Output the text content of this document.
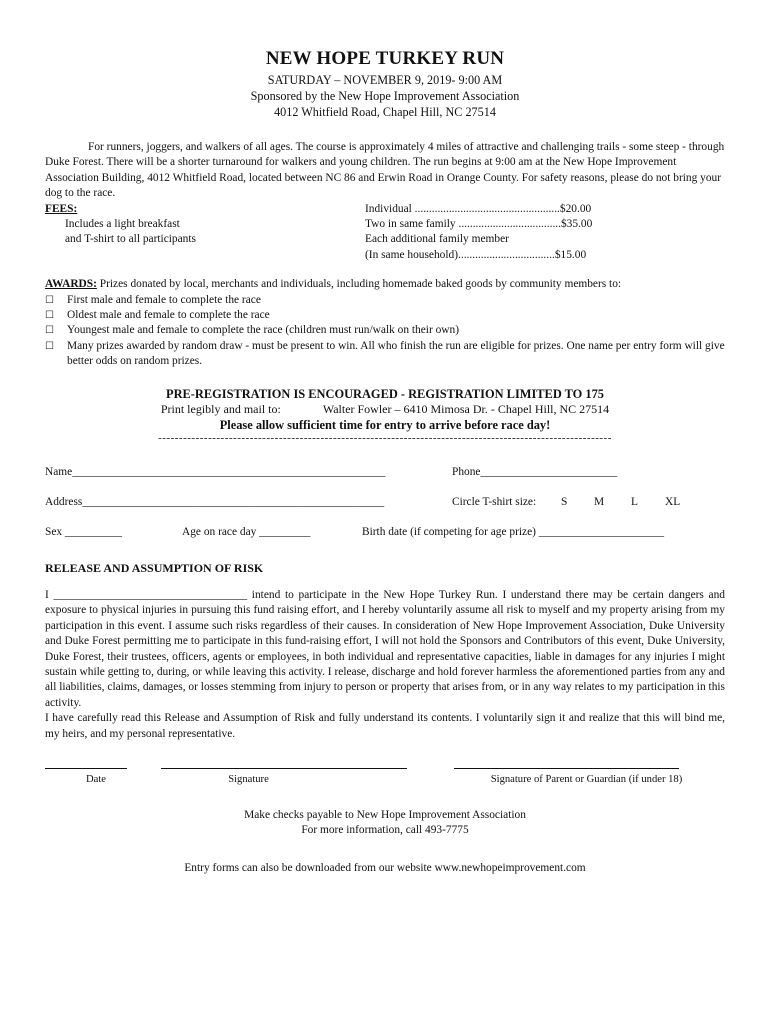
NEW HOPE TURKEY RUN
SATURDAY – NOVEMBER 9, 2019- 9:00 AM
Sponsored by the New Hope Improvement Association
4012 Whitfield Road, Chapel Hill, NC 27514
For runners, joggers, and walkers of all ages. The course is approximately 4 miles of attractive and challenging trails - some steep - through Duke Forest. There will be a shorter turnaround for walkers and young children. The run begins at 9:00 am at the New Hope Improvement Association Building, 4012 Whitfield Road, located between NC 86 and Erwin Road in Orange County. For safety reasons, please do not bring your dog to the race.
FEES:
Includes a light breakfast
and T-shirt to all participants
Individual ...................................................$20.00
Two in same family ....................................$35.00
Each additional family member
(In same household)..................................$15.00
AWARDS: Prizes donated by local, merchants and individuals, including homemade baked goods by community members to:
☐	First male and female to complete the race
☐	Oldest male and female to complete the race
☐	Youngest male and female to complete the race (children must run/walk on their own)
☐	Many prizes awarded by random draw - must be present to win. All who finish the run are eligible for prizes. One name per entry form will give better odds on random prizes.
PRE-REGISTRATION IS ENCOURAGED - REGISTRATION LIMITED TO 175
Print legibly and mail to:	Walter Fowler – 6410 Mimosa Dr. - Chapel Hill, NC 27514
Please allow sufficient time for entry to arrive before race day!
-------------------------------------------------------------------------------------------------------------
Name_______________________________________________________	Phone________________________
Address_____________________________________________________	Circle T-shirt size: S M L XL
Sex __________	Age on race day _________	Birth date (if competing for age prize) ______________________
RELEASE AND ASSUMPTION OF RISK
I __________________________________ intend to participate in the New Hope Turkey Run. I understand there may be certain dangers and exposure to physical injuries in pursuing this fund raising effort, and I hereby voluntarily assume all risk to myself and my property arising from my participation in this event. I assume such risks regardless of their causes. In consideration of New Hope Improvement Association, Duke University and Duke Forest permitting me to participate in this fund-raising effort, I will not hold the Sponsors and Contributors of this event, Duke University, Duke Forest, their trustees, officers, agents or employees, in both individual and representative capacities, liable in damages for any injuries I might sustain while getting to, during, or while leaving this activity. I release, discharge and hold forever harmless the aforementioned parties from any and all liabilities, claims, damages, or losses stemming from injury to person or property that arises from, or in any way relates to my participation in this activity.
I have carefully read this Release and Assumption of Risk and fully understand its contents. I voluntarily sign it and realize that this will bind me, my heirs, and my personal representative.
Date	Signature	Signature of Parent or Guardian (if under 18)
Make checks payable to New Hope Improvement Association
For more information, call 493-7775
Entry forms can also be downloaded from our website www.newhopeimprovement.com
